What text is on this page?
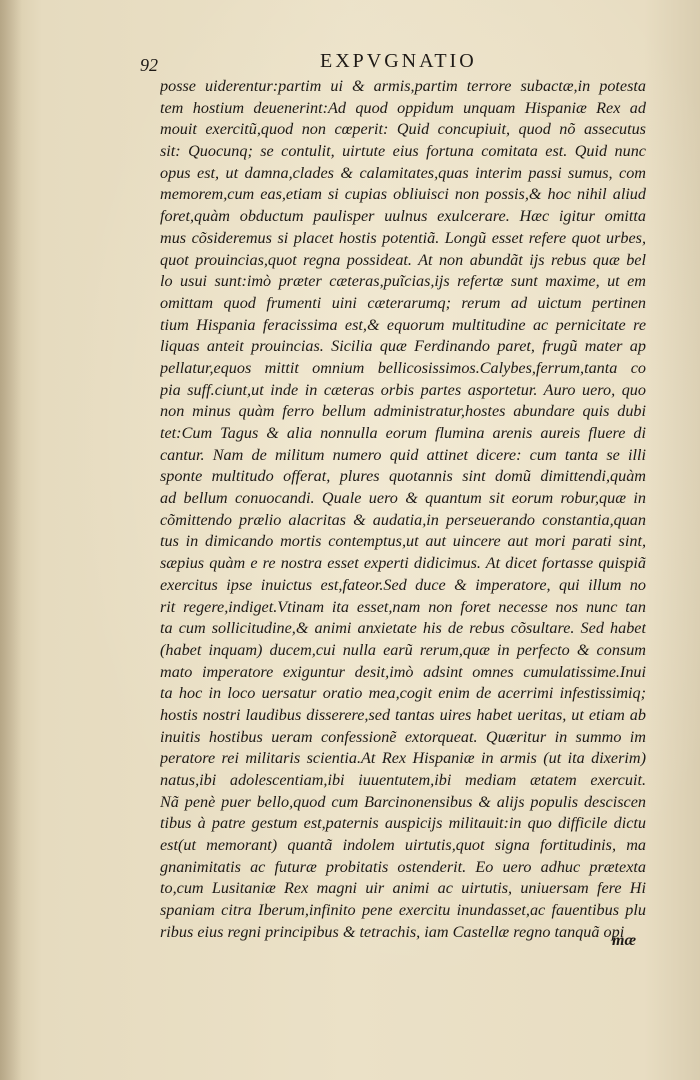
92	EXPVGNATIO
posse uiderentur:partim ui & armis,partim terrore subactæ,in potesta
tem hostium deuenerint:Ad quod oppidum unquam Hispaniæ Rex ad
mouit exercitũ,quod non cœperit: Quid concupiuit, quod nõ assecutus
sit: Quocunq; se contulit, uirtute eius fortuna comitata est. Quid nunc
opus est, ut damna,clades & calamitates,quas interim passi sumus, com
memorem,cum eas,etiam si cupias obliuisci non possis,& hoc nihil aliud
foret,quàm obductum paulisper uulnus exulcerare. Hæc igitur omitta
mus cõsideremus si placet hostis potentiã. Longũ esset refere quot urbes,
quot prouincias,quot regna possideat. At non abundãt ijs rebus quæ bel
lo usui sunt:imò præter cæteras,puĩcias,ijs refertæ sunt maxime, ut em
omittam quod frumenti uini cæterarumq; rerum ad uictum pertinen
tium Hispania feracissima est,& equorum multitudine ac pernicitate re
liquas anteit prouincias. Sicilia quæ Ferdinando paret, frugũ mater ap
pellatur,equos mittit omnium bellicosissimos.Calybes,ferrum,tanta co
pia suff.ciunt,ut inde in cæteras orbis partes asportetur. Auro uero, quo
non minus quàm ferro bellum administratur,hostes abundare quis dubi
tet:Cum Tagus & alia nonnulla eorum flumina arenis aureis fluere di
cantur. Nam de militum numero quid attinet dicere: cum tanta se illi
sponte multitudo offerat, plures quotannis sint domũ dimittendi,quàm
ad bellum conuocandi. Quale uero & quantum sit eorum robur,quæ in
cõmittendo prælio alacritas & audatia,in perseuerando constantia,quan
tus in dimicando mortis contemptus,ut aut uincere aut mori parati sint,
sæpius quàm e re nostra esset experti didicimus. At dicet fortasse quispiã
exercitus ipse inuictus est,fateor.Sed duce & imperatore, qui illum no
rit regere,indiget.Vtinam ita esset,nam non foret necesse nos nunc tan
ta cum sollicitudine,& animi anxietate his de rebus cõsultare. Sed habet
(habet inquam) ducem,cui nulla earũ rerum,quæ in perfecto & consum
mato imperatore exiguntur desit,imò adsint omnes cumulatissime.Inui
ta hoc in loco uersatur oratio mea,cogit enim de acerrimi infestissimiq;
hostis nostri laudibus disserere,sed tantas uires habet ueritas, ut etiam ab
inuitis hostibus ueram confessionẽ extorqueat. Quæritur in summo im
peratore rei militaris scientia.At Rex Hispaniæ in armis (ut ita dixerim)
natus,ibi adolescentiam,ibi iuuentutem,ibi mediam ætatem exercuit.
Nã penè puer bello,quod cum Barcinonensibus & alijs populis desciscen
tibus à patre gestum est,paternis auspicijs militauit:in quo difficile dictu
est(ut memorant) quantã indolem uirtutis,quot signa fortitudinis, ma
gnanimitatis ac futuræ probitatis ostenderit. Eo uero adhuc prætexta
to,cum Lusitaniæ Rex magni uir animi ac uirtutis, uniuersam fere Hi
spaniam citra Iberum,infinito pene exercitu inundasset,ac fauentibus plu
ribus eius regni principibus & tetrachis, iam Castellæ regno tanquã opi
mæ
